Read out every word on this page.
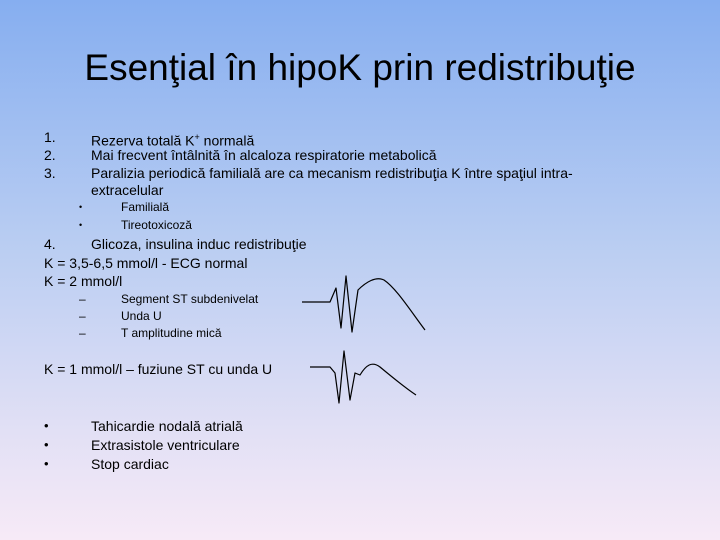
Esenţial în hipoK prin redistribuţie
1.	Rezerva totală K+ normală
2.	Mai frecvent întâlnită în alcaloza respiratorie metabolică
3.	Paralizia periodică familială are ca mecanism redistribuţia K între spaţiul intra-
extracelular
•	Familială
•	Tireotoxicoză
4.	Glicoza, insulina induc redistribuţie
K = 3,5-6,5 mmol/l - ECG normal
K = 2 mmol/l
–	Segment ST subdenivelat
–	Unda U
–	T amplitudine mică
K = 1 mmol/l – fuziune ST cu unda U
•	Tahicardie nodală atrială
•	Extrasistole ventriculare
•	Stop cardiac
